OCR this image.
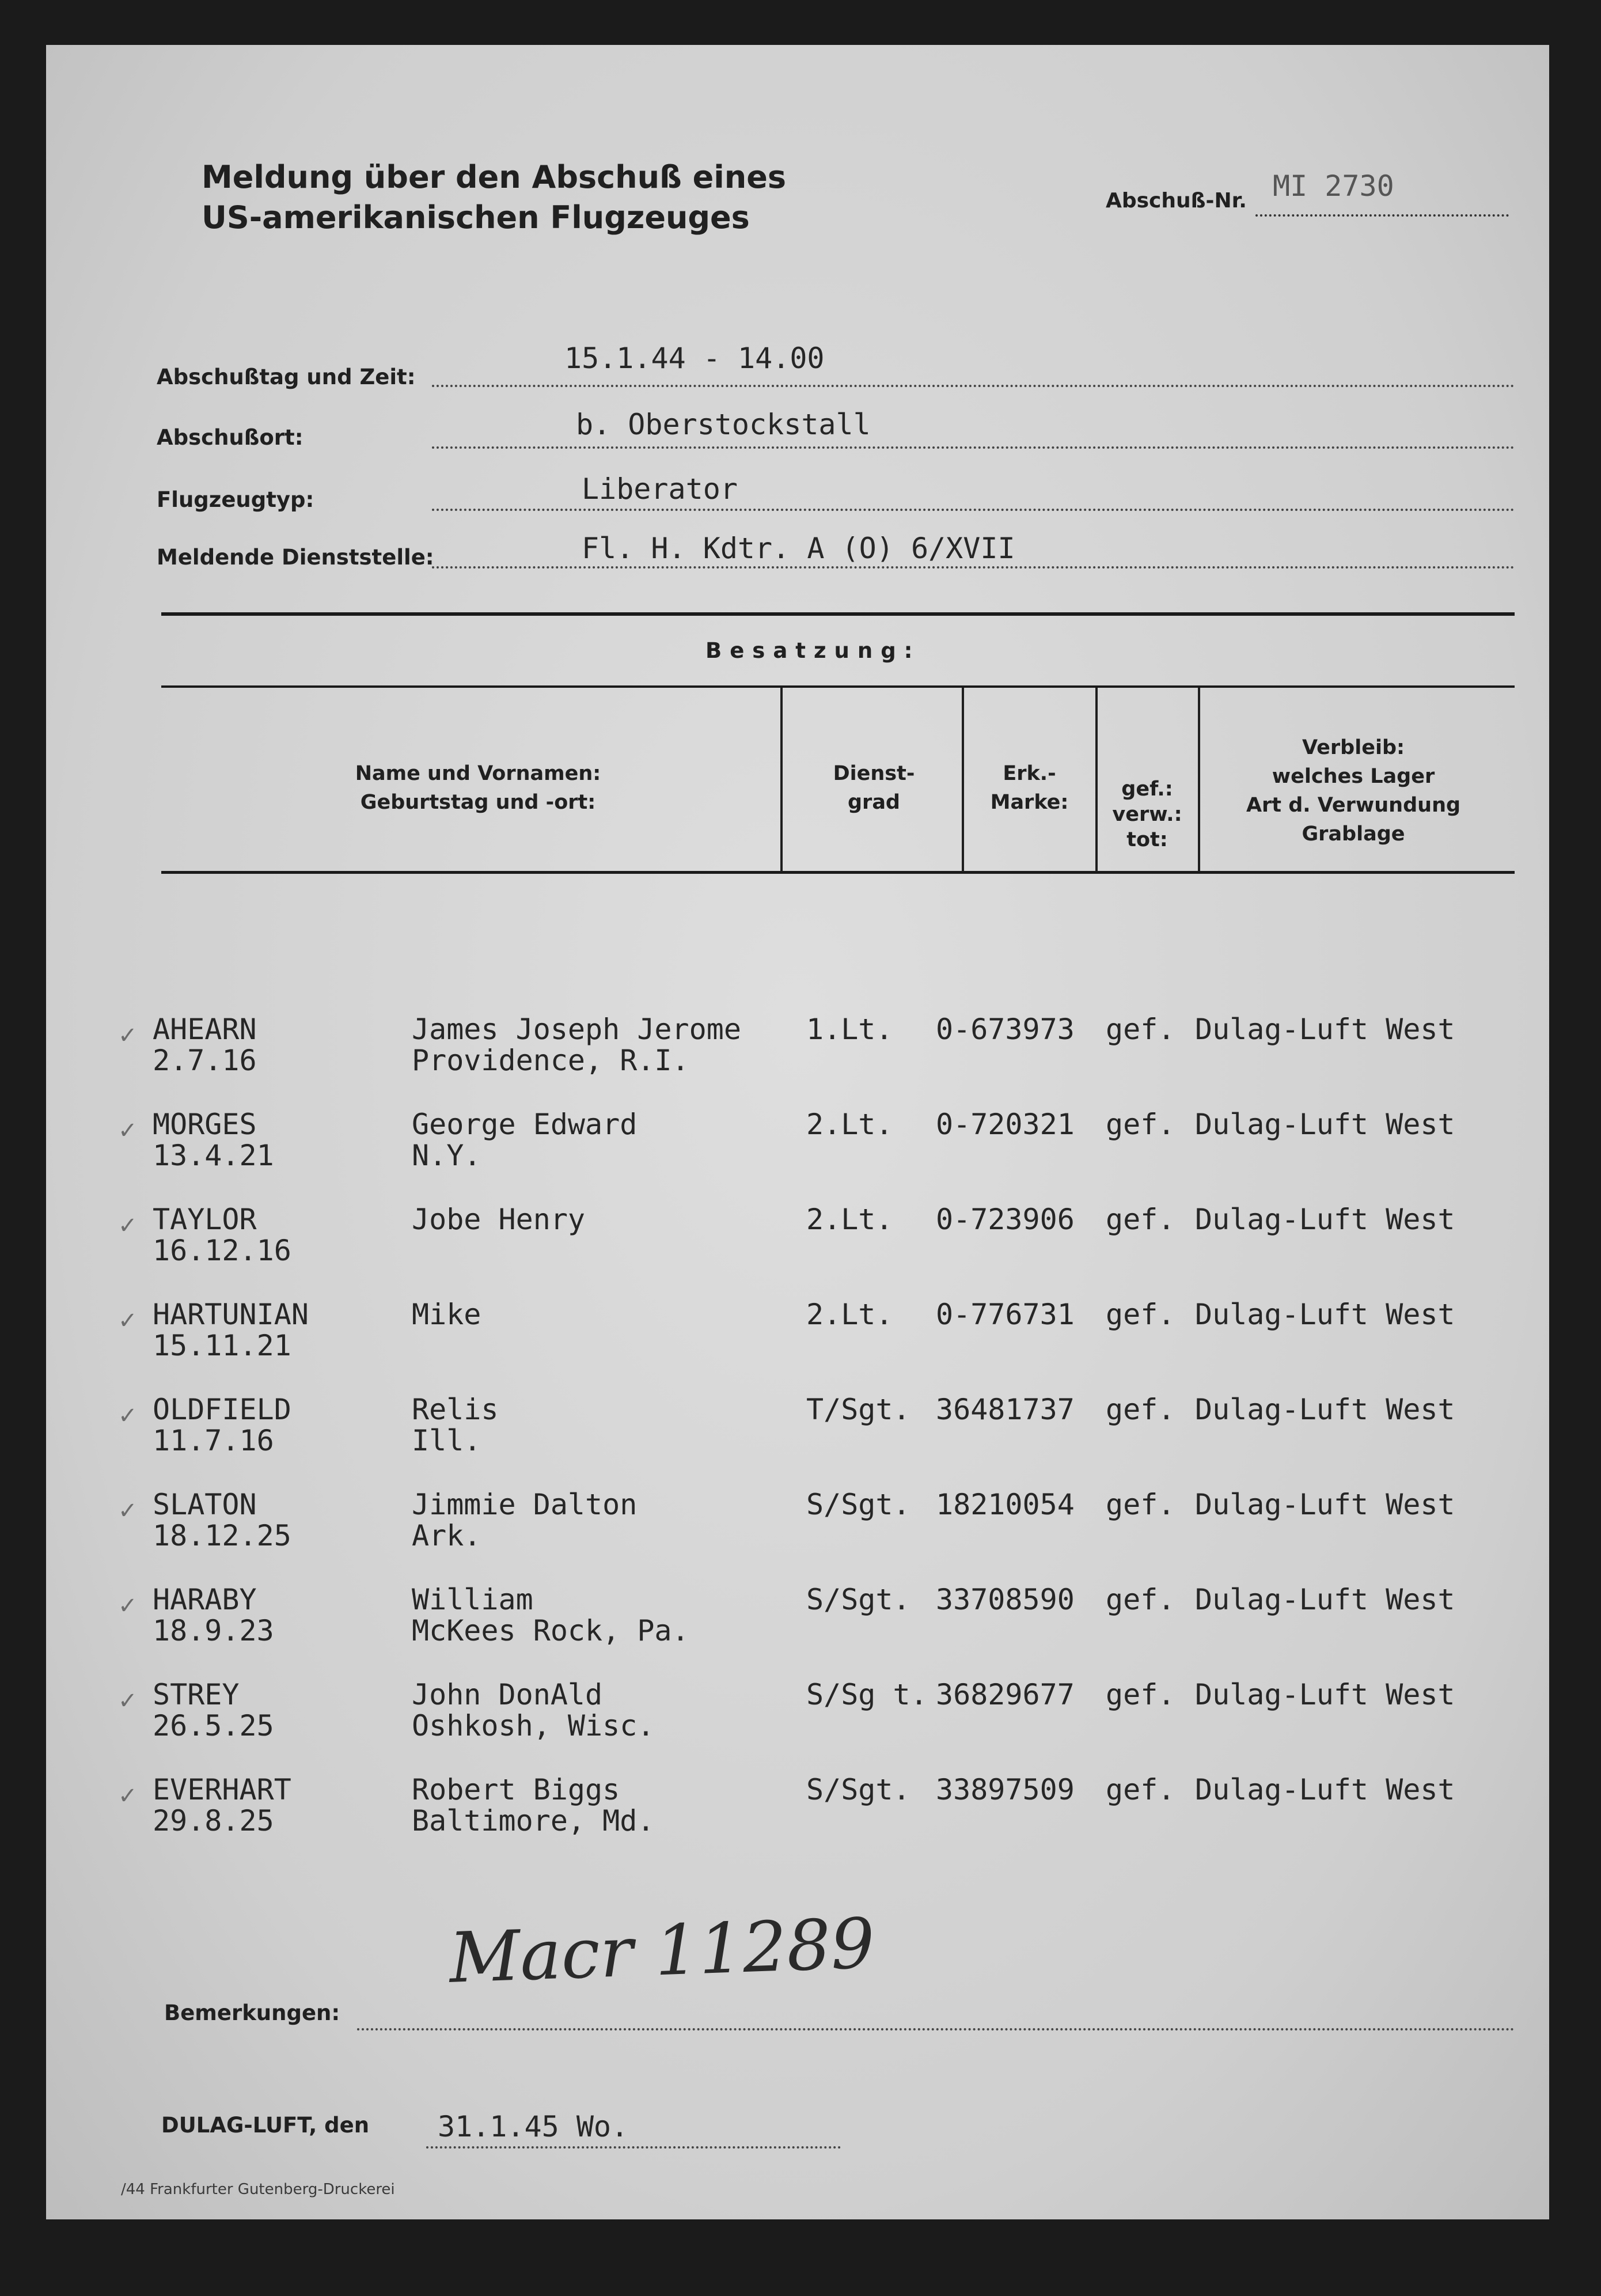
Meldung über den Abschuß eines
US-amerikanischen Flugzeuges	Abschuß-Nr. MI 2730
Abschußtag und Zeit:
15.1.44 - 14.00
Abschußort:	b. Oberstockstall
Flugzeugtyp:	Liberator
Meldende Dienststelle:	Fl. H. Kdtr. A (O) 6/XVII
Besatzung:
Name und Vornamen:
Geburtstag und -ort:
Dienst-
grad
Erk.-
Marke:
gef.:
verw.:
tot:
Verbleib:
welches Lager
Art d. Verwundung
Grablage
✓ AHEARN
2.7.16
James Joseph Jerome
Providence, R.I.
1.Lt. 0-673973 gef. Dulag-Luft West
✓ MORGES
13.4.21
George Edward
N.Y.
2.Lt. 0-720321 gef. Dulag-Luft West
✓ TAYLOR
16.12.16
Jobe Henry	2.Lt. 0-723906 gef. Dulag-Luft West
✓ HARTUNIAN
15.11.21
Mike	2.Lt. 0-776731 gef. Dulag-Luft West
✓ OLDFIELD
11.7.16
Relis
Ill.
T/Sgt. 36481737 gef. Dulag-Luft West
✓ SLATON
18.12.25
Jimmie Dalton
Ark.
S/Sgt. 18210054 gef. Dulag-Luft West
✓ HARABY
18.9.23
William
McKees Rock, Pa.
S/Sgt. 33708590 gef. Dulag-Luft West
✓ STREY
26.5.25
John DonAld
Oshkosh, Wisc.
S/Sg t. 36829677 gef. Dulag-Luft West
✓ EVERHART
29.8.25
Robert Biggs
Baltimore, Md.
S/Sgt. 33897509 gef. Dulag-Luft West
Macr 11289
Bemerkungen:
DULAG-LUFT, den 31.1.45 Wo.
/44 Frankfurter Gutenberg-Druckerei
